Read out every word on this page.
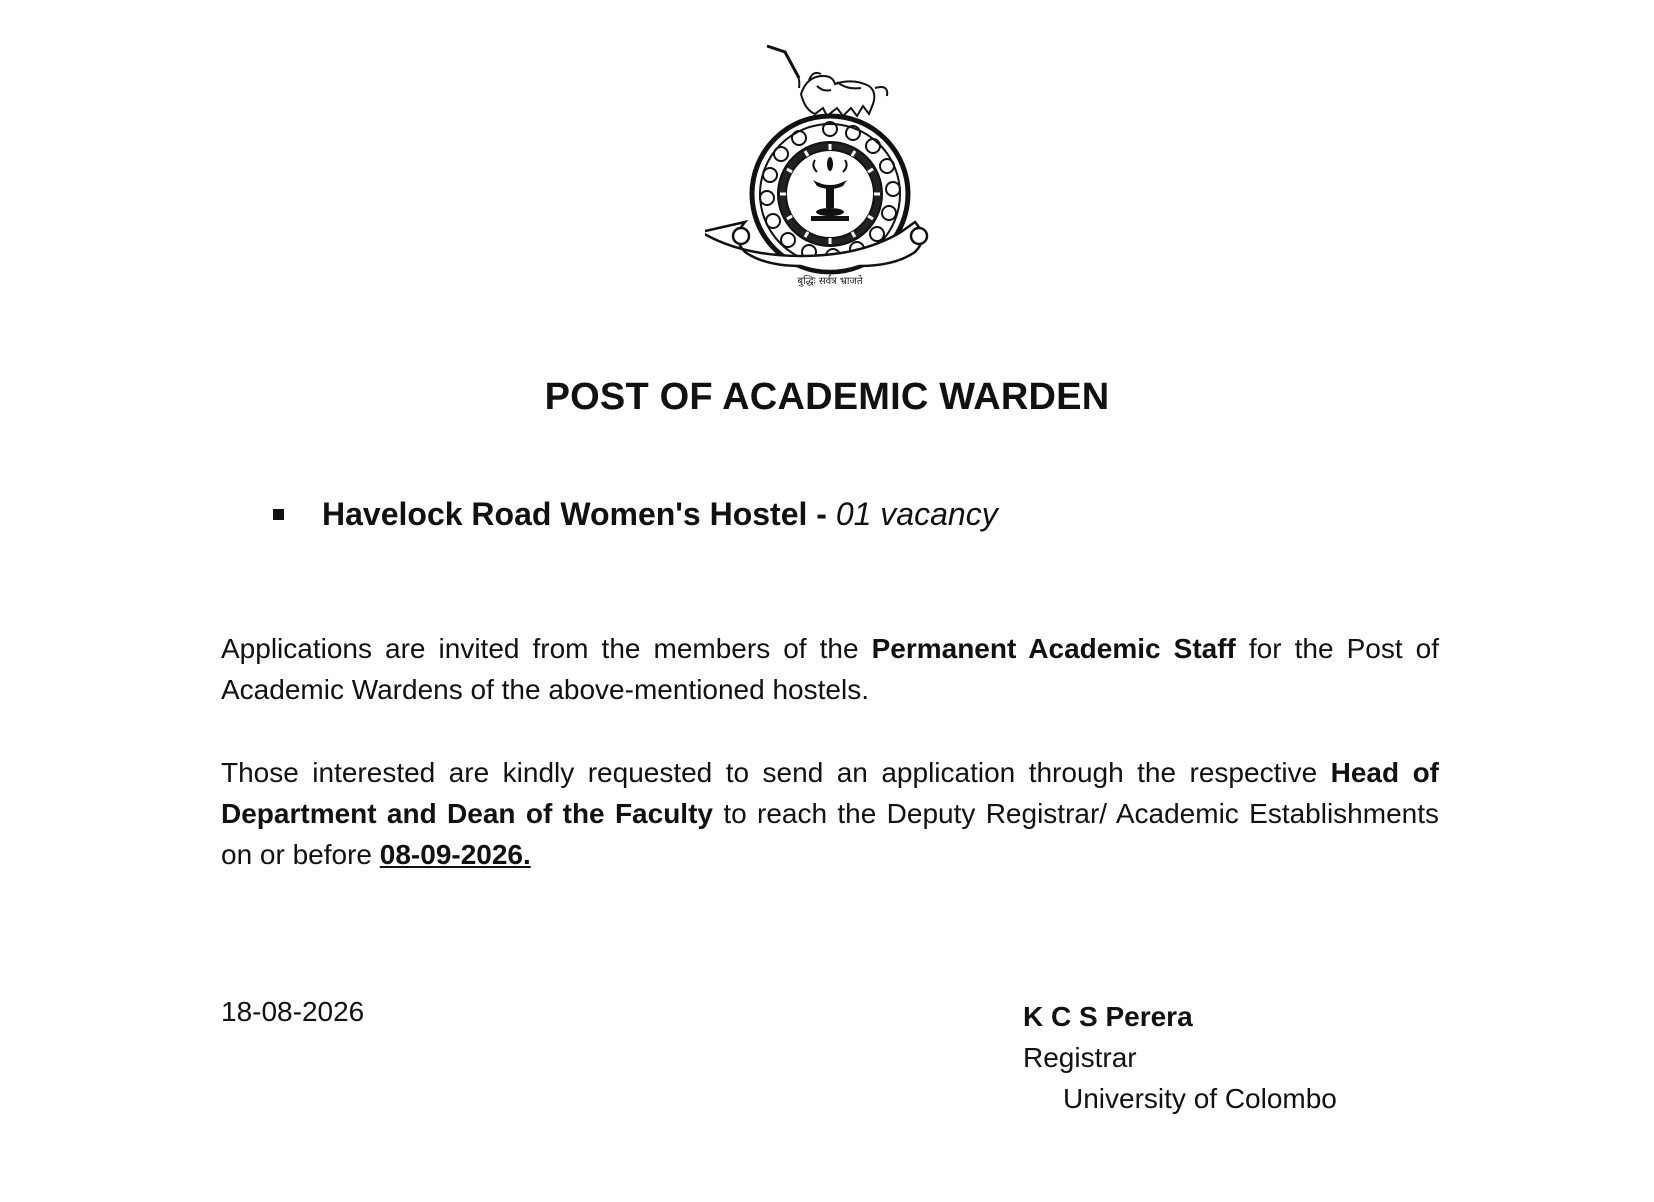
बुद्धिः सर्वत्र भ्राजते
POST OF ACADEMIC WARDEN
Havelock Road Women's Hostel - 01 vacancy
Applications are invited from the members of the Permanent Academic Staff for the Post of Academic Wardens of the above-mentioned hostels.
Those interested are kindly requested to send an application through the respective Head of Department and Dean of the Faculty to reach the Deputy Registrar/ Academic Establishments on or before 08-09-2026.
18-08-2026	K C S Perera
Registrar
University of Colombo
